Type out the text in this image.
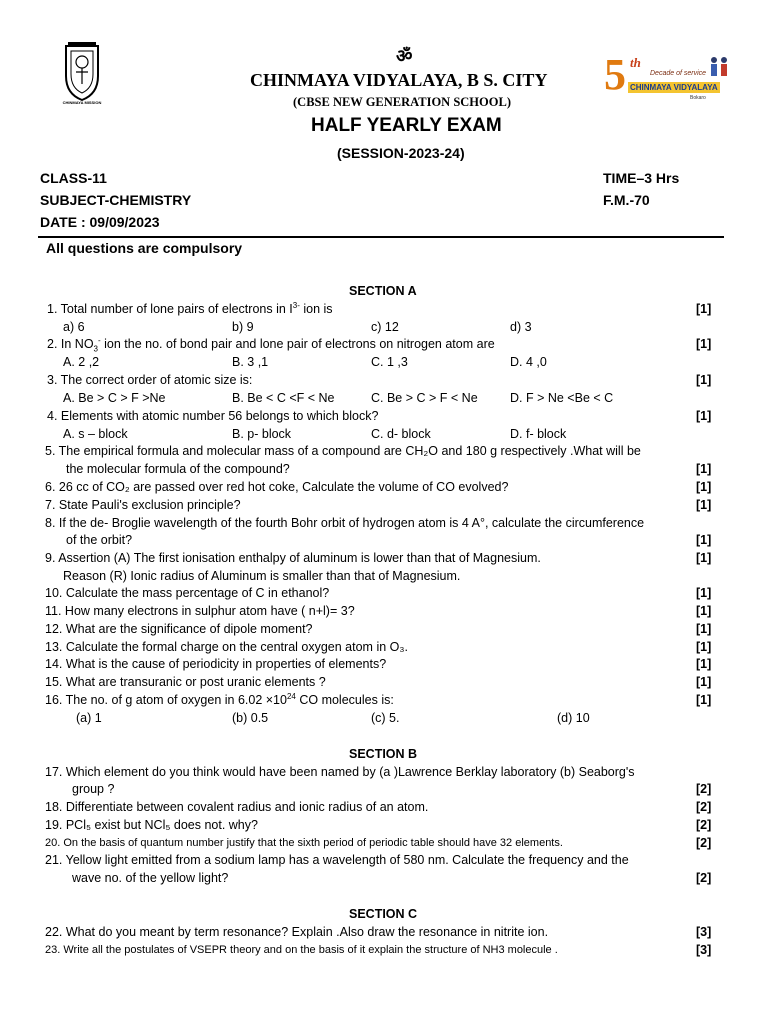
CHINMAYA MISSION
5 th
Decade of service
CHINMAYA VIDYALAYA
Bokaro
ॐ
CHINMAYA VIDYALAYA, B S. CITY
(CBSE NEW GENERATION SCHOOL)
HALF YEARLY EXAM
(SESSION-2023-24)
CLASS-11
SUBJECT-CHEMISTRY
DATE : 09/09/2023
TIME–3 Hrs
F.M.-70
All questions are compulsory
SECTION A
1. Total number of lone pairs of electrons in $I^{3-}$ ion is	[1]
a) 6	b) 9	c) 12	d) 3
2. In $NO_3^-$ ion the no. of bond pair and lone pair of electrons on nitrogen atom are	[1]
A. 2 ,2	B. 3 ,1	C. 1 ,3	D. 4 ,0
3. The correct order of atomic size is:	[1]
A. Be > C > F >Ne	B. Be < C <F < Ne	C. Be > C > F < Ne	D. F > Ne <Be < C
4. Elements with atomic number 56 belongs to which block?	[1]
A. s – block	B. p- block	C. d- block	D. f- block
5. The empirical formula and molecular mass of a compound are CH₂O and 180 g respectively .What will be
the molecular formula of the compound?	[1]
6. 26 cc of CO₂ are passed over red hot coke, Calculate the volume of CO evolved?	[1]
7. State Pauli's exclusion principle?	[1]
8. If the de- Broglie wavelength of the fourth Bohr orbit of hydrogen atom is 4 A°, calculate the circumference
of the orbit?	[1]
9. Assertion (A) The first ionisation enthalpy of aluminum is lower than that of Magnesium.	[1]
Reason (R) Ionic radius of Aluminum is smaller than that of Magnesium.
10. Calculate the mass percentage of C in ethanol?	[1]
11. How many electrons in sulphur atom have ( n+l)= 3?	[1]
12. What are the significance of dipole moment?	[1]
13. Calculate the formal charge on the central oxygen atom in O₃.	[1]
14. What is the cause of periodicity in properties of elements?	[1]
15. What are transuranic or post uranic elements ?	[1]
16. The no. of g atom of oxygen in $6.02 \times 10^{24}$ CO molecules is:	[1]
(a) 1	(b) 0.5	(c) 5.	(d) 10
SECTION B
17. Which element do you think would have been named by (a )Lawrence Berklay laboratory (b) Seaborg's
group ?	[2]
18. Differentiate between covalent radius and ionic radius of an atom.	[2]
19. PCl₅ exist but NCl₅ does not. why?	[2]
20. On the basis of quantum number justify that the sixth period of periodic table should have 32 elements.	[2]
21. Yellow light emitted from a sodium lamp has a wavelength of 580 nm. Calculate the frequency and the
wave no. of the yellow light?	[2]
SECTION C
22. What do you meant by term resonance? Explain .Also draw the resonance in nitrite ion.	[3]
23. Write all the postulates of VSEPR theory and on the basis of it explain the structure of NH3 molecule .	[3]
